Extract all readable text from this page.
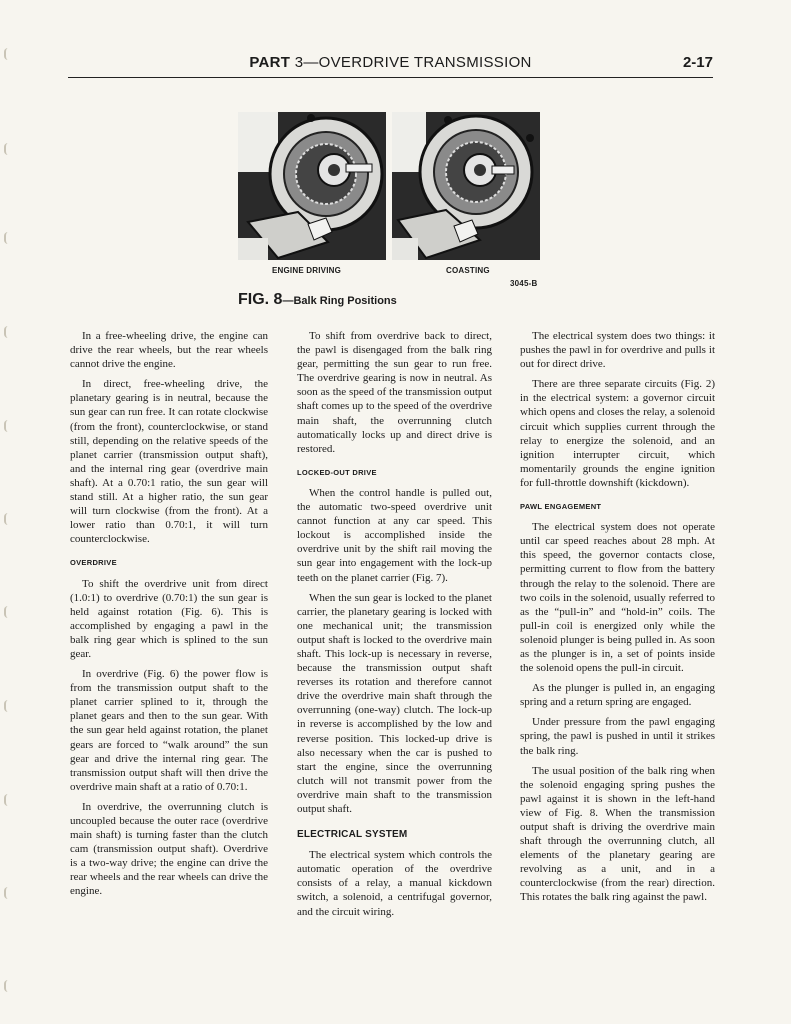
PART 3—OVERDRIVE TRANSMISSION	2-17
ENGINE DRIVING	COASTING
3045-B
FIG. 8—Balk Ring Positions

In a free-wheeling drive, the engine can drive the rear wheels, but the rear wheels cannot drive the engine.

In direct, free-wheeling drive, the planetary gearing is in neutral, because the sun gear can run free. It can rotate clockwise (from the front), counterclockwise, or stand still, depending on the relative speeds of the planet carrier (transmission output shaft), and the internal ring gear (overdrive main shaft). At a 0.70:1 ratio, the sun gear will stand still. At a higher ratio, the sun gear will turn clockwise (from the front). At a lower ratio than 0.70:1, it will turn counterclockwise.

OVERDRIVE

To shift the overdrive unit from direct (1.0:1) to overdrive (0.70:1) the sun gear is held against rotation (Fig. 6). This is accomplished by engaging a pawl in the balk ring gear which is splined to the sun gear.

In overdrive (Fig. 6) the power flow is from the transmission output shaft to the planet carrier splined to it, through the planet gears and then to the sun gear. With the sun gear held against rotation, the planet gears are forced to “walk around” the sun gear and drive the internal ring gear. The transmission output shaft will then drive the overdrive main shaft at a ratio of 0.70:1.

In overdrive, the overrunning clutch is uncoupled because the outer race (overdrive main shaft) is turning faster than the clutch cam (transmission output shaft). Overdrive is a two-way drive; the engine can drive the rear wheels and the rear wheels can drive the engine.

To shift from overdrive back to direct, the pawl is disengaged from the balk ring gear, permitting the sun gear to run free. The overdrive gearing is now in neutral. As soon as the speed of the transmission output shaft comes up to the speed of the overdrive main shaft, the overrunning clutch automatically locks up and direct drive is restored.

LOCKED-OUT DRIVE

When the control handle is pulled out, the automatic two-speed overdrive unit cannot function at any car speed. This lockout is accomplished inside the overdrive unit by the shift rail moving the sun gear into engagement with the lock-up teeth on the planet carrier (Fig. 7).

When the sun gear is locked to the planet carrier, the planetary gearing is locked with one mechanical unit; the transmission output shaft is locked to the overdrive main shaft. This lock-up is necessary in reverse, because the transmission output shaft reverses its rotation and therefore cannot drive the overdrive main shaft through the overrunning (one-way) clutch. The lock-up in reverse is accomplished by the low and reverse position. This locked-up drive is also necessary when the car is pushed to start the engine, since the overrunning clutch will not transmit power from the overdrive main shaft to the transmission output shaft.

ELECTRICAL SYSTEM

The electrical system which controls the automatic operation of the overdrive consists of a relay, a manual kickdown switch, a solenoid, a centrifugal governor, and the circuit wiring.

The electrical system does two things: it pushes the pawl in for overdrive and pulls it out for direct drive.

There are three separate circuits (Fig. 2) in the electrical system: a governor circuit which opens and closes the relay, a solenoid circuit which supplies current through the relay to energize the solenoid, and an ignition interrupter circuit, which momentarily grounds the engine ignition for full-throttle downshift (kickdown).

PAWL ENGAGEMENT

The electrical system does not operate until car speed reaches about 28 mph. At this speed, the governor contacts close, permitting current to flow from the battery through the relay to the solenoid. There are two coils in the solenoid, usually referred to as the “pull-in” and “hold-in” coils. The pull-in coil is energized only while the solenoid plunger is being pulled in. As soon as the plunger is in, a set of points inside the solenoid opens the pull-in circuit.

As the plunger is pulled in, an engaging spring and a return spring are engaged.

Under pressure from the pawl engaging spring, the pawl is pushed in until it strikes the balk ring.

The usual position of the balk ring when the solenoid engaging spring pushes the pawl against it is shown in the left-hand view of Fig. 8. When the transmission output shaft is driving the overdrive main shaft through the overrunning clutch, all elements of the planetary gearing are revolving as a unit, and in a counterclockwise (from the rear) direction. This rotates the balk ring against the pawl.
